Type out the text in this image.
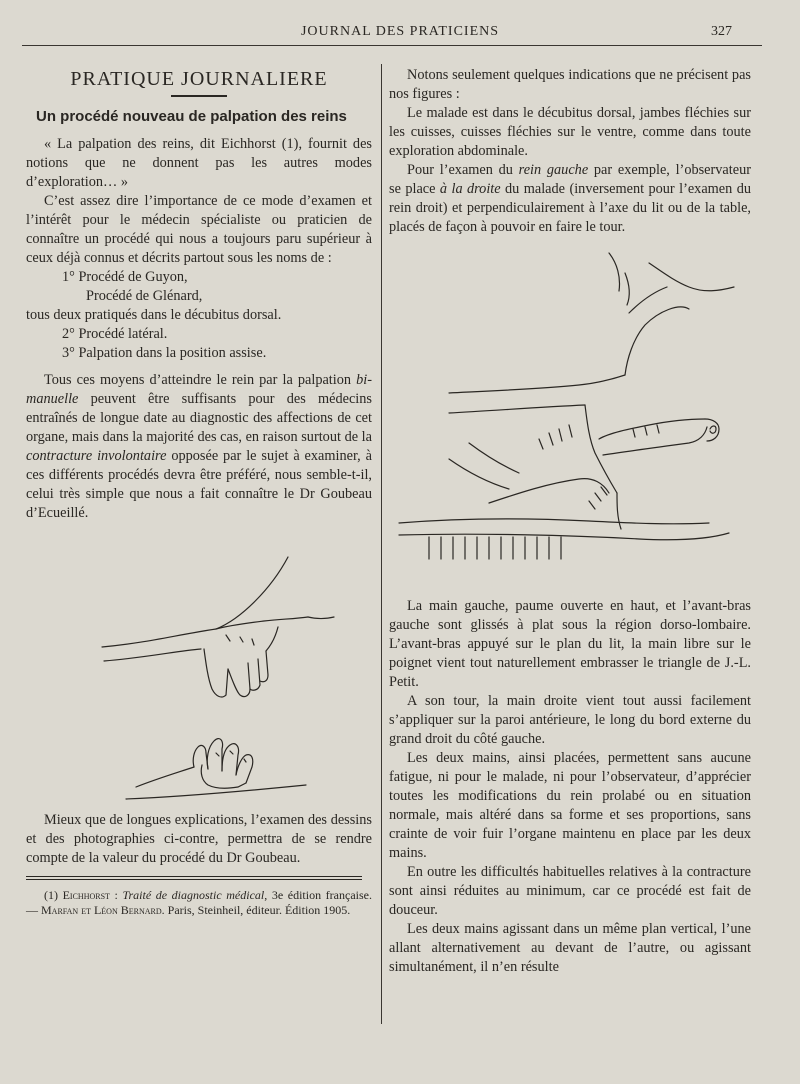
JOURNAL DES PRATICIENS	327
PRATIQUE JOURNALIERE
Un procédé nouveau de palpation des reins

« La palpation des reins, dit Eichhorst (1), fournit des notions que ne donnent pas les autres modes d’exploration… »

C’est assez dire l’importance de ce mode d’examen et l’intérêt pour le médecin spécialiste ou praticien de connaître un procédé qui nous a toujours paru supérieur à ceux déjà connus et décrits partout sous les noms de :

1° Procédé de Guyon,
Procédé de Glénard,

tous deux pratiqués dans le décubitus dorsal.

2° Procédé latéral.
3° Palpation dans la position assise.

Tous ces moyens d’atteindre le rein par la palpation bi-manuelle peuvent être suffisants pour des médecins entraînés de longue date au diagnostic des affections de cet organe, mais dans la majorité des cas, en raison surtout de la contracture involontaire opposée par le sujet à examiner, à ces différents procédés devra être préféré, nous semble-t-il, celui très simple que nous a fait connaître le Dr Goubeau d’Ecueillé.

Mieux que de longues explications, l’examen des dessins et des photographies ci-contre, permettra de se rendre compte de la valeur du procédé du Dr Goubeau.

(1) Eichhorst : Traité de diagnostic médical, 3e édition française. — Marfan et Léon Bernard. Paris, Steinheil, éditeur. Édition 1905.

Notons seulement quelques indications que ne précisent pas nos figures :

Le malade est dans le décubitus dorsal, jambes fléchies sur les cuisses, cuisses fléchies sur le ventre, comme dans toute exploration abdominale.

Pour l’examen du rein gauche par exemple, l’observateur se place à la droite du malade (inversement pour l’examen du rein droit) et perpendiculairement à l’axe du lit ou de la table, placés de façon à pouvoir en faire le tour.

La main gauche, paume ouverte en haut, et l’avant-bras gauche sont glissés à plat sous la région dorso-lombaire. L’avant-bras appuyé sur le plan du lit, la main libre sur le poignet vient tout naturellement embrasser le triangle de J.-L. Petit.

A son tour, la main droite vient tout aussi facilement s’appliquer sur la paroi antérieure, le long du bord externe du grand droit du côté gauche.

Les deux mains, ainsi placées, permettent sans aucune fatigue, ni pour le malade, ni pour l’observateur, d’apprécier toutes les modifications du rein prolabé ou en situation normale, mais altéré dans sa forme et ses proportions, sans crainte de voir fuir l’organe maintenu en place par les deux mains.

En outre les difficultés habituelles relatives à la contracture sont ainsi réduites au minimum, car ce procédé est fait de douceur.

Les deux mains agissant dans un même plan vertical, l’une allant alternativement au devant de l’autre, ou agissant simultanément, il n’en résulte
